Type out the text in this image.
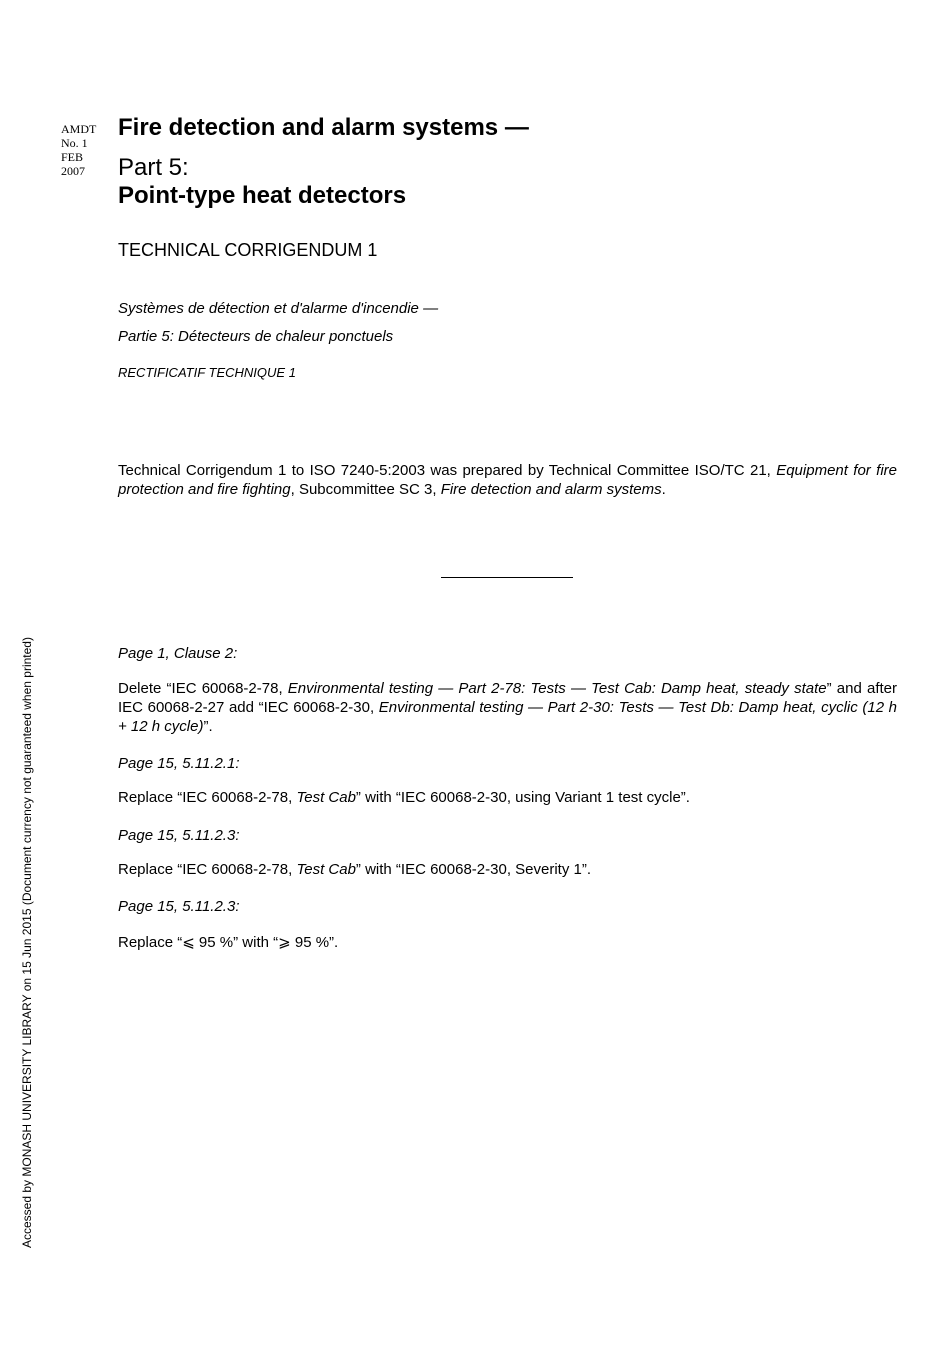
AMDT
No. 1
FEB
2007
Fire detection and alarm systems —
Part 5:
Point-type heat detectors
TECHNICAL CORRIGENDUM 1
Systèmes de détection et d'alarme d'incendie —
Partie 5: Détecteurs de chaleur ponctuels
RECTIFICATIF TECHNIQUE 1
Technical Corrigendum 1 to ISO 7240-5:2003 was prepared by Technical Committee ISO/TC 21, Equipment for fire protection and fire fighting, Subcommittee SC 3, Fire detection and alarm systems.
Page 1, Clause 2:
Delete “IEC 60068-2-78, Environmental testing — Part 2-78: Tests — Test Cab: Damp heat, steady state” and after IEC 60068-2-27 add “IEC 60068-2-30, Environmental testing — Part 2-30: Tests — Test Db: Damp heat, cyclic (12 h + 12 h cycle)”.
Page 15, 5.11.2.1:
Replace “IEC 60068-2-78, Test Cab” with “IEC 60068-2-30, using Variant 1 test cycle”.
Page 15, 5.11.2.3:
Replace “IEC 60068-2-78, Test Cab” with “IEC 60068-2-30, Severity 1”.
Page 15, 5.11.2.3:
Replace “⩽ 95 %” with “⩾ 95 %”.
Accessed by MONASH UNIVERSITY LIBRARY on 15 Jun 2015 (Document currency not guaranteed when printed)
